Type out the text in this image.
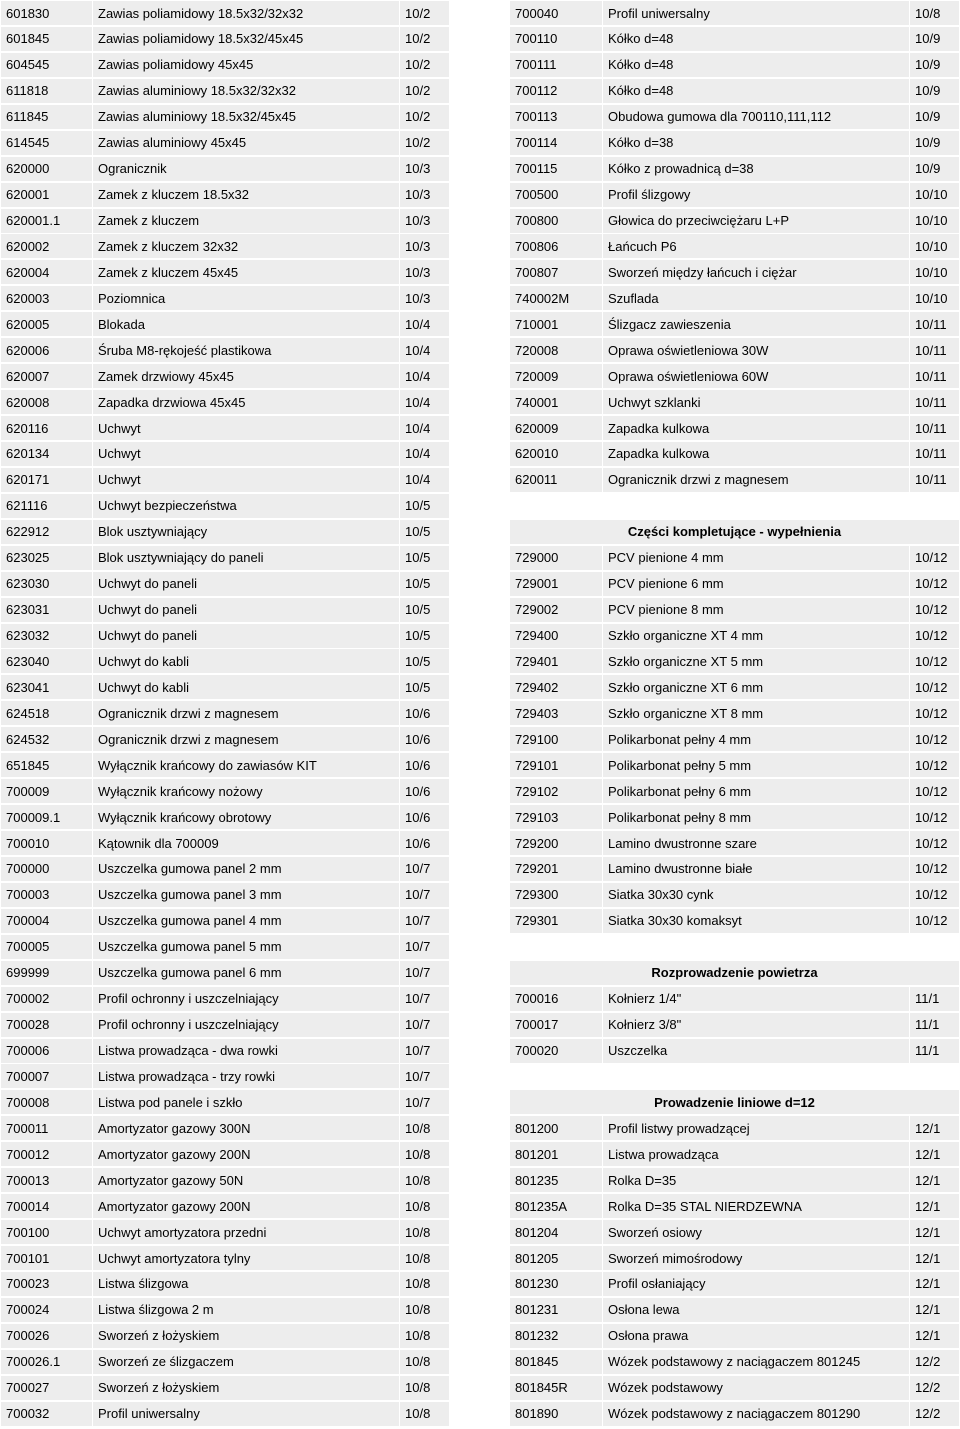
601830	Zawias poliamidowy 18.5x32/32x32	10/2
601845	Zawias poliamidowy 18.5x32/45x45	10/2
604545	Zawias poliamidowy 45x45	10/2
611818	Zawias aluminiowy 18.5x32/32x32	10/2
611845	Zawias aluminiowy 18.5x32/45x45	10/2
614545	Zawias aluminiowy 45x45	10/2
620000	Ogranicznik	10/3
620001	Zamek z kluczem 18.5x32	10/3
620001.1	Zamek z kluczem	10/3
620002	Zamek z kluczem 32x32	10/3
620004	Zamek z kluczem 45x45	10/3
620003	Poziomnica	10/3
620005	Blokada	10/4
620006	Śruba M8-rękojeść plastikowa	10/4
620007	Zamek drzwiowy 45x45	10/4
620008	Zapadka drzwiowa 45x45	10/4
620116	Uchwyt	10/4
620134	Uchwyt	10/4
620171	Uchwyt	10/4
621116	Uchwyt bezpieczeństwa	10/5
622912	Blok usztywniający	10/5
623025	Blok usztywniający do paneli	10/5
623030	Uchwyt do paneli	10/5
623031	Uchwyt do paneli	10/5
623032	Uchwyt do paneli	10/5
623040	Uchwyt do kabli	10/5
623041	Uchwyt do kabli	10/5
624518	Ogranicznik drzwi z magnesem	10/6
624532	Ogranicznik drzwi z magnesem	10/6
651845	Wyłącznik krańcowy do zawiasów KIT	10/6
700009	Wyłącznik krańcowy nożowy	10/6
700009.1	Wyłącznik krańcowy obrotowy	10/6
700010	Kątownik dla 700009	10/6
700000	Uszczelka gumowa panel 2 mm	10/7
700003	Uszczelka gumowa panel 3 mm	10/7
700004	Uszczelka gumowa panel 4 mm	10/7
700005	Uszczelka gumowa panel 5 mm	10/7
699999	Uszczelka gumowa panel 6 mm	10/7
700002	Profil ochronny i uszczelniający	10/7
700028	Profil ochronny i uszczelniający	10/7
700006	Listwa prowadząca - dwa rowki	10/7
700007	Listwa prowadząca - trzy rowki	10/7
700008	Listwa pod panele i szkło	10/7
700011	Amortyzator gazowy 300N	10/8
700012	Amortyzator gazowy 200N	10/8
700013	Amortyzator gazowy 50N	10/8
700014	Amortyzator gazowy 200N	10/8
700100	Uchwyt amortyzatora przedni	10/8
700101	Uchwyt amortyzatora tylny	10/8
700023	Listwa ślizgowa	10/8
700024	Listwa ślizgowa 2 m	10/8
700026	Sworzeń z łożyskiem	10/8
700026.1	Sworzeń ze ślizgaczem	10/8
700027	Sworzeń z łożyskiem	10/8
700032	Profil uniwersalny	10/8
700040	Profil uniwersalny	10/8
700110	Kółko d=48	10/9
700111	Kółko d=48	10/9
700112	Kółko d=48	10/9
700113	Obudowa gumowa dla 700110,111,112	10/9
700114	Kółko d=38	10/9
700115	Kółko z prowadnicą d=38	10/9
700500	Profil ślizgowy	10/10
700800	Głowica do przeciwciężaru L+P	10/10
700806	Łańcuch P6	10/10
700807	Sworzeń między łańcuch i ciężar	10/10
740002M	Szuflada	10/10
710001	Ślizgacz zawieszenia	10/11
720008	Oprawa oświetleniowa 30W	10/11
720009	Oprawa oświetleniowa 60W	10/11
740001	Uchwyt szklanki	10/11
620009	Zapadka kulkowa	10/11
620010	Zapadka kulkowa	10/11
620011	Ogranicznik drzwi z magnesem	10/11
Części kompletujące - wypełnienia
729000	PCV pienione 4 mm	10/12
729001	PCV pienione 6 mm	10/12
729002	PCV pienione 8 mm	10/12
729400	Szkło organiczne XT 4 mm	10/12
729401	Szkło organiczne XT 5 mm	10/12
729402	Szkło organiczne XT 6 mm	10/12
729403	Szkło organiczne XT 8 mm	10/12
729100	Polikarbonat pełny 4 mm	10/12
729101	Polikarbonat pełny 5 mm	10/12
729102	Polikarbonat pełny 6 mm	10/12
729103	Polikarbonat pełny 8 mm	10/12
729200	Lamino dwustronne szare	10/12
729201	Lamino dwustronne białe	10/12
729300	Siatka 30x30 cynk	10/12
729301	Siatka 30x30 komaksyt	10/12
Rozprowadzenie powietrza
700016	Kołnierz 1/4"	11/1
700017	Kołnierz 3/8"	11/1
700020	Uszczelka	11/1
Prowadzenie liniowe d=12
801200	Profil listwy prowadzącej	12/1
801201	Listwa prowadząca	12/1
801235	Rolka D=35	12/1
801235A	Rolka D=35 STAL NIERDZEWNA	12/1
801204	Sworzeń osiowy	12/1
801205	Sworzeń mimośrodowy	12/1
801230	Profil osłaniający	12/1
801231	Osłona lewa	12/1
801232	Osłona prawa	12/1
801845	Wózek podstawowy z naciągaczem 801245	12/2
801845R	Wózek podstawowy	12/2
801890	Wózek podstawowy z naciągaczem 801290	12/2
